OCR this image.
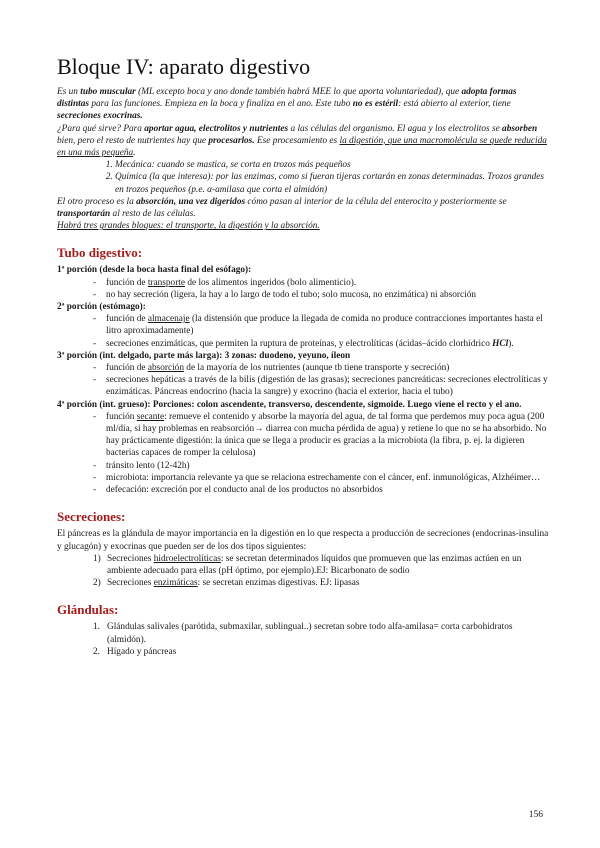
Bloque IV: aparato digestivo

Es un tubo muscular (ML excepto boca y ano donde también habrá MEE lo que aporta voluntariedad), que adopta formas distintas para las funciones. Empieza en la boca y finaliza en el ano. Este tubo no es estéril: está abierto al exterior, tiene secreciones exocrinas.

¿Para qué sirve? Para aportar agua, electrolitos y nutrientes a las células del organismo. El agua y los electrolitos se absorben bien, pero el resto de nutrientes hay que procesarlos. Ese procesamiento es la digestión, que una macromolécula se quede reducida en una más pequeña.

1. Mecánica: cuando se mastica, se corta en trozos más pequeños
2. Química (la que interesa): por las enzimas, como si fueran tijeras cortarán en zonas determinadas. Trozos grandes en trozos pequeños (p.e. α-amilasa que corta el almidón)

El otro proceso es la absorción, una vez digeridos cómo pasan al interior de la célula del enterocito y posteriormente se transportarán al resto de las células.

Habrá tres grandes bloques: el transporte, la digestión y la absorción.

Tubo digestivo:

1ª porción (desde la boca hasta final del esófago):

- función de transporte de los alimentos ingeridos (bolo alimenticio).
- no hay secreción (ligera, la hay a lo largo de todo el tubo; solo mucosa, no enzimática) ni absorción

2ª porción (estómago):

- función de almacenaje (la distensión que produce la llegada de comida no produce contracciones importantes hasta el litro aproximadamente)
- secreciones enzimáticas, que permiten la ruptura de proteínas, y electrolíticas (ácidas–ácido clorhídrico HCl).

3ª porción (int. delgado, parte más larga): 3 zonas: duodeno, yeyuno, íleon

- función de absorción de la mayoría de los nutrientes (aunque tb tiene transporte y secreción)
- secreciones hepáticas a través de la bilis (digestión de las grasas); secreciones pancreáticas: secreciones electrolíticas y enzimáticas. Páncreas endocrino (hacia la sangre) y exocrino (hacia el exterior, hacia el tubo)

4ª porción (int. grueso): Porciones: colon ascendente, transverso, descendente, sigmoide. Luego viene el recto y el ano.

- función secante: remueve el contenido y absorbe la mayoría del agua, de tal forma que perdemos muy poca agua (200 ml/día, si hay problemas en reabsorción→ diarrea con mucha pérdida de agua) y retiene lo que no se ha absorbido. No hay prácticamente digestión: la única que se llega a producir es gracias a la microbiota (la fibra, p. ej. la digieren bacterias capaces de romper la celulosa)
- tránsito lento (12-42h)
- microbiota: importancia relevante ya que se relaciona estrechamente con el cáncer, enf. inmunológicas, Alzhéimer…
- defecación: excreción por el conducto anal de los productos no absorbidos
Secreciones:

El páncreas es la glándula de mayor importancia en la digestión en lo que respecta a producción de secreciones (endocrinas-insulina y glucagón) y exocrinas que pueden ser de los dos tipos siguientes:

1) Secreciones hidroelectrolíticas: se secretan determinados líquidos que promueven que las enzimas actúen en un ambiente adecuado para ellas (pH óptimo, por ejemplo).EJ: Bicarbonato de sodio
2) Secreciones enzimáticas: se secretan enzimas digestivas. EJ: lipasas
Glándulas:
1. Glándulas salivales (parótida, submaxilar, sublingual..) secretan sobre todo alfa-amilasa= corta carbohidratos (almidón).
2. Hígado y páncreas
156
